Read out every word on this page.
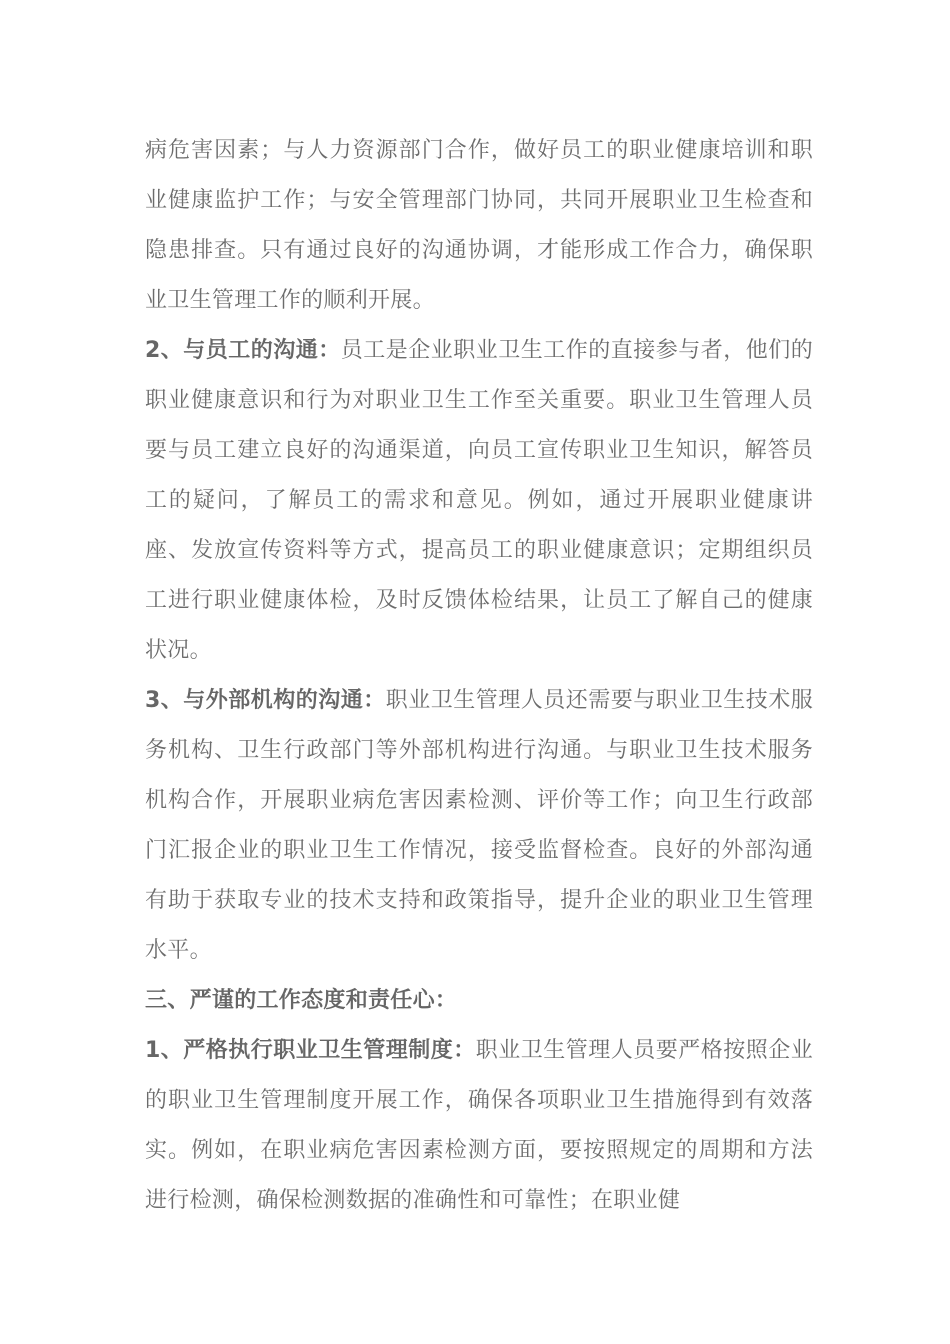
病危害因素；与人力资源部门合作，做好员工的职业健康培训和职业健康监护工作；与安全管理部门协同，共同开展职业卫生检查和隐患排查。只有通过良好的沟通协调，才能形成工作合力，确保职业卫生管理工作的顺利开展。

2、与员工的沟通：员工是企业职业卫生工作的直接参与者，他们的职业健康意识和行为对职业卫生工作至关重要。职业卫生管理人员要与员工建立良好的沟通渠道，向员工宣传职业卫生知识，解答员工的疑问，了解员工的需求和意见。例如，通过开展职业健康讲座、发放宣传资料等方式，提高员工的职业健康意识；定期组织员工进行职业健康体检，及时反馈体检结果，让员工了解自己的健康状况。

3、与外部机构的沟通：职业卫生管理人员还需要与职业卫生技术服务机构、卫生行政部门等外部机构进行沟通。与职业卫生技术服务机构合作，开展职业病危害因素检测、评价等工作；向卫生行政部门汇报企业的职业卫生工作情况，接受监督检查。良好的外部沟通有助于获取专业的技术支持和政策指导，提升企业的职业卫生管理水平。

三、严谨的工作态度和责任心：

1、严格执行职业卫生管理制度：职业卫生管理人员要严格按照企业的职业卫生管理制度开展工作，确保各项职业卫生措施得到有效落实。例如，在职业病危害因素检测方面，要按照规定的周期和方法进行检测，确保检测数据的准确性和可靠性；在职业健
